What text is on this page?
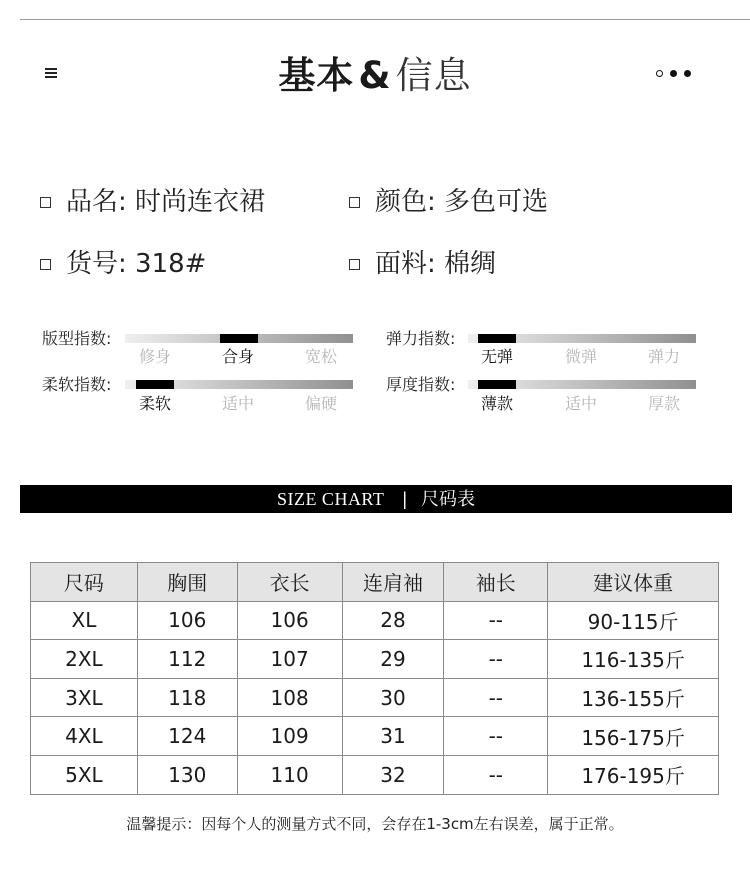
基本 & 信息
品名:
时尚连衣裙	颜色:
多色可选
货号:
318#	面料:
棉绸
版型指数:
修身	合身	宽松
弹力指数:
无弹	微弹	弹力
柔软指数:
柔软	适中	偏硬
厚度指数:
薄款	适中	厚款
SIZE CHART | 尺码表
尺码	胸围	衣长	连肩袖	袖长	建议体重
XL	106	106	28	--	90-115斤
2XL	112	107	29	--	116-135斤
3XL	118	108	30	--	136-155斤
4XL	124	109	31	--	156-175斤
5XL	130	110	32	--	176-195斤
温馨提示：因每个人的测量方式不同，会存在1-3cm左右误差，属于正常。
